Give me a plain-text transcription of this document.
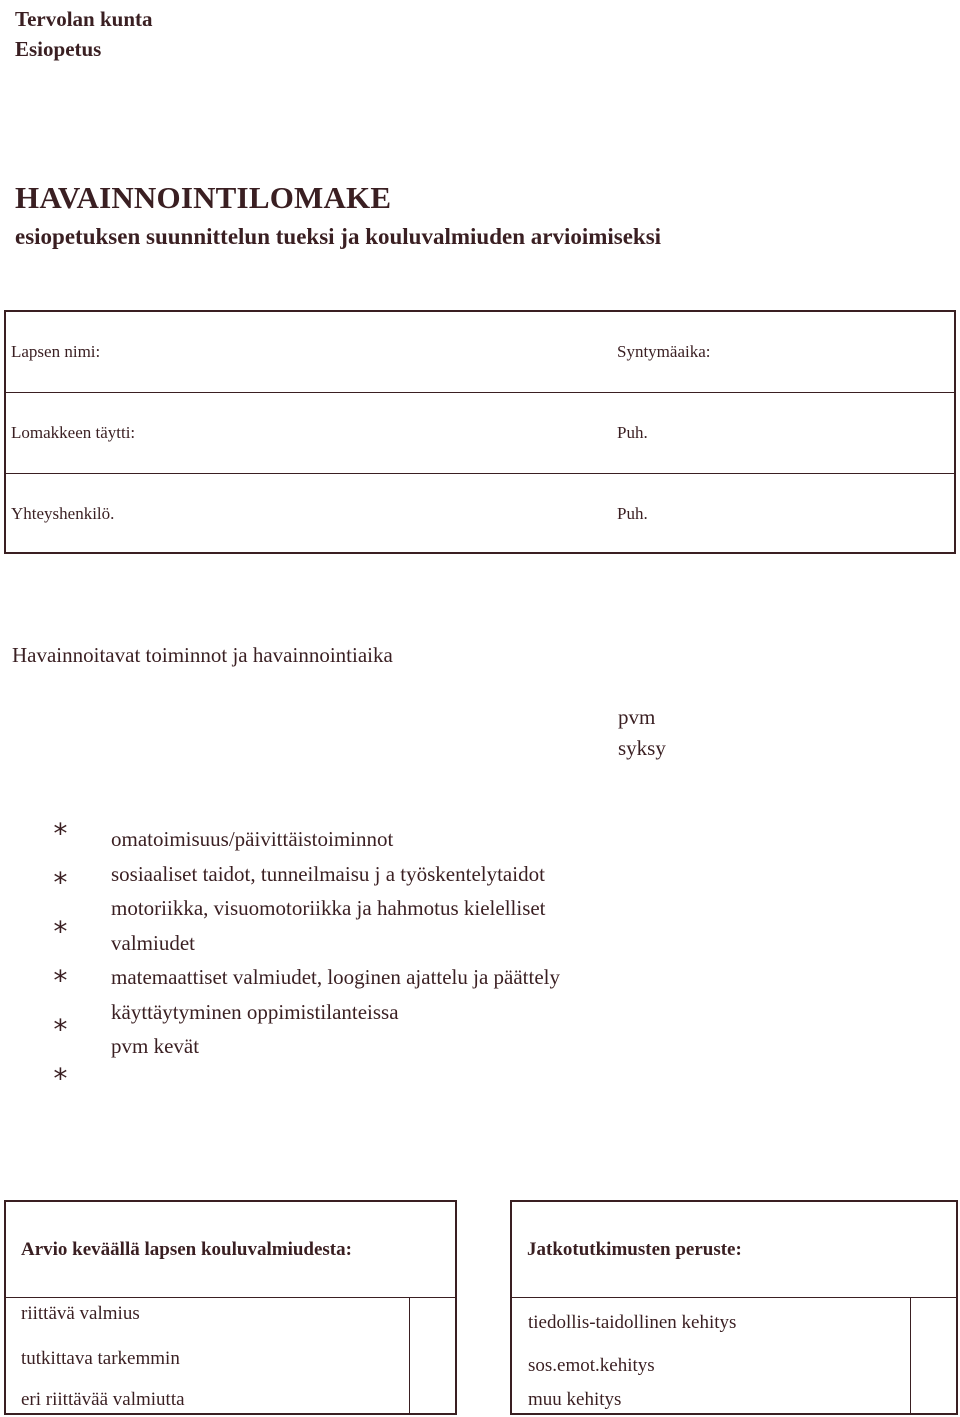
Tervolan kunta
Esiopetus
HAVAINNOINTILOMAKE
esiopetuksen suunnittelun tueksi ja kouluvalmiuden arvioimiseksi
Lapsen nimi:	Syntymäaika:
Lomakkeen täytti:	Puh.
Yhteyshenkilö.	Puh.
Havainnoitavat toiminnot ja havainnointiaika
pvm
syksy
*
*
*
*
*
*
omatoimisuus/päivittäistoiminnot
sosiaaliset taidot, tunneilmaisu j a työskentelytaidot
motoriikka, visuomotoriikka ja hahmotus kielelliset
valmiudet
matemaattiset valmiudet, looginen ajattelu ja päättely
käyttäytyminen oppimistilanteissa
pvm kevät
Arvio keväällä lapsen kouluvalmiudesta:
riittävä valmius
tutkittava tarkemmin
eri riittävää valmiutta
Jatkotutkimusten peruste:
tiedollis-taidollinen kehitys
sos.emot.kehitys
muu kehitys
